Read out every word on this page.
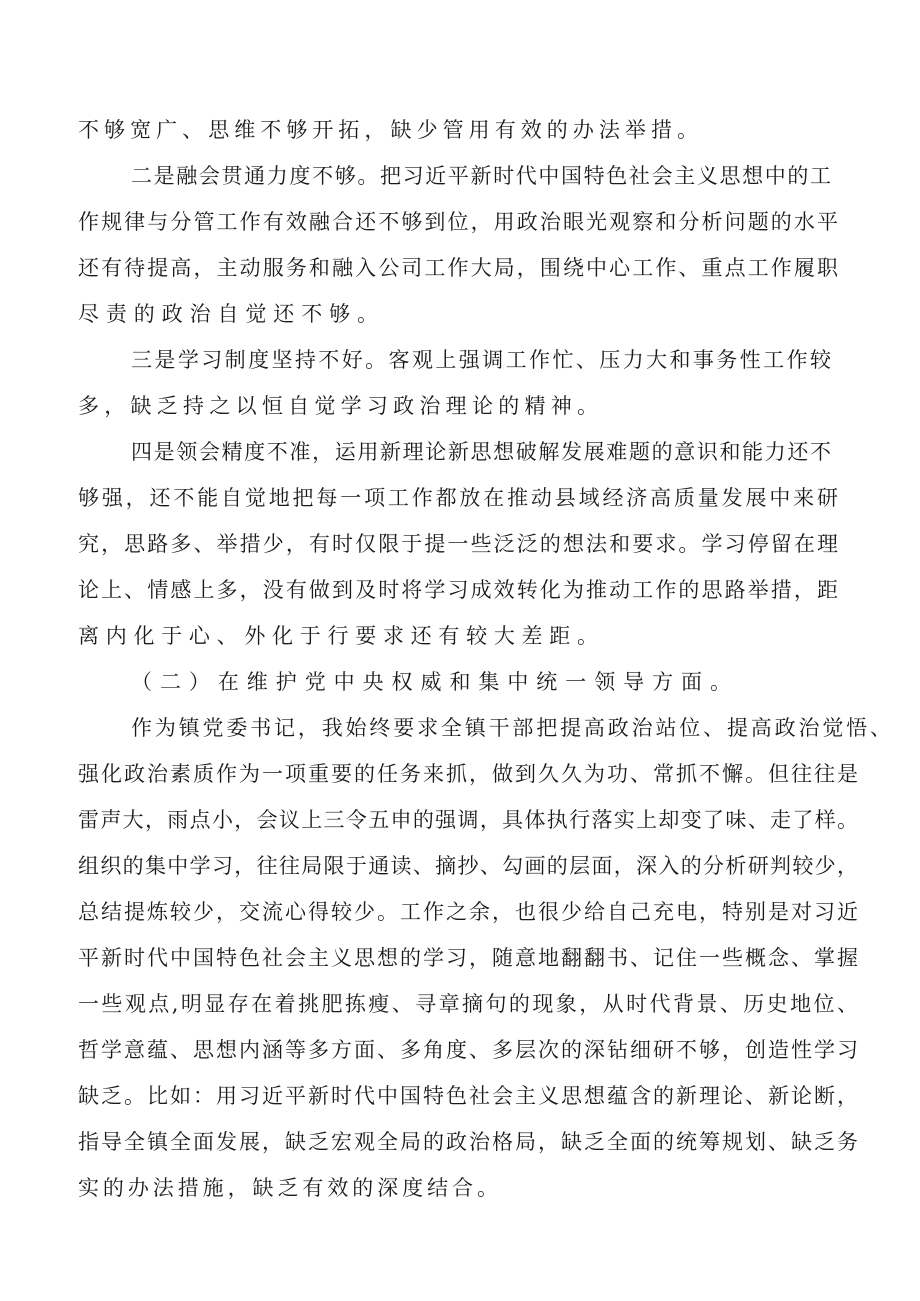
不够宽广、思维不够开拓，缺少管用有效的办法举措。
二是融会贯通力度不够。把习近平新时代中国特色社会主义思想中的工
作规律与分管工作有效融合还不够到位，用政治眼光观察和分析问题的水平
还有待提高，主动服务和融入公司工作大局，围绕中心工作、重点工作履职
尽责的政治自觉还不够。
三是学习制度坚持不好。客观上强调工作忙、压力大和事务性工作较
多，缺乏持之以恒自觉学习政治理论的精神。
四是领会精度不准，运用新理论新思想破解发展难题的意识和能力还不
够强，还不能自觉地把每一项工作都放在推动县域经济高质量发展中来研
究，思路多、举措少，有时仅限于提一些泛泛的想法和要求。学习停留在理
论上、情感上多，没有做到及时将学习成效转化为推动工作的思路举措，距
离内化于心、外化于行要求还有较大差距。
（二）在维护党中央权威和集中统一领导方面。
作为镇党委书记，我始终要求全镇干部把提高政治站位、提高政治觉悟、
强化政治素质作为一项重要的任务来抓，做到久久为功、常抓不懈。但往往是
雷声大，雨点小，会议上三令五申的强调，具体执行落实上却变了味、走了样。
组织的集中学习，往往局限于通读、摘抄、勾画的层面，深入的分析研判较少，
总结提炼较少，交流心得较少。工作之余，也很少给自己充电，特别是对习近
平新时代中国特色社会主义思想的学习，随意地翻翻书、记住一些概念、掌握
一些观点,明显存在着挑肥拣瘦、寻章摘句的现象，从时代背景、历史地位、
哲学意蕴、思想内涵等多方面、多角度、多层次的深钻细研不够，创造性学习
缺乏。比如：用习近平新时代中国特色社会主义思想蕴含的新理论、新论断，
指导全镇全面发展，缺乏宏观全局的政治格局，缺乏全面的统筹规划、缺乏务
实的办法措施，缺乏有效的深度结合。
